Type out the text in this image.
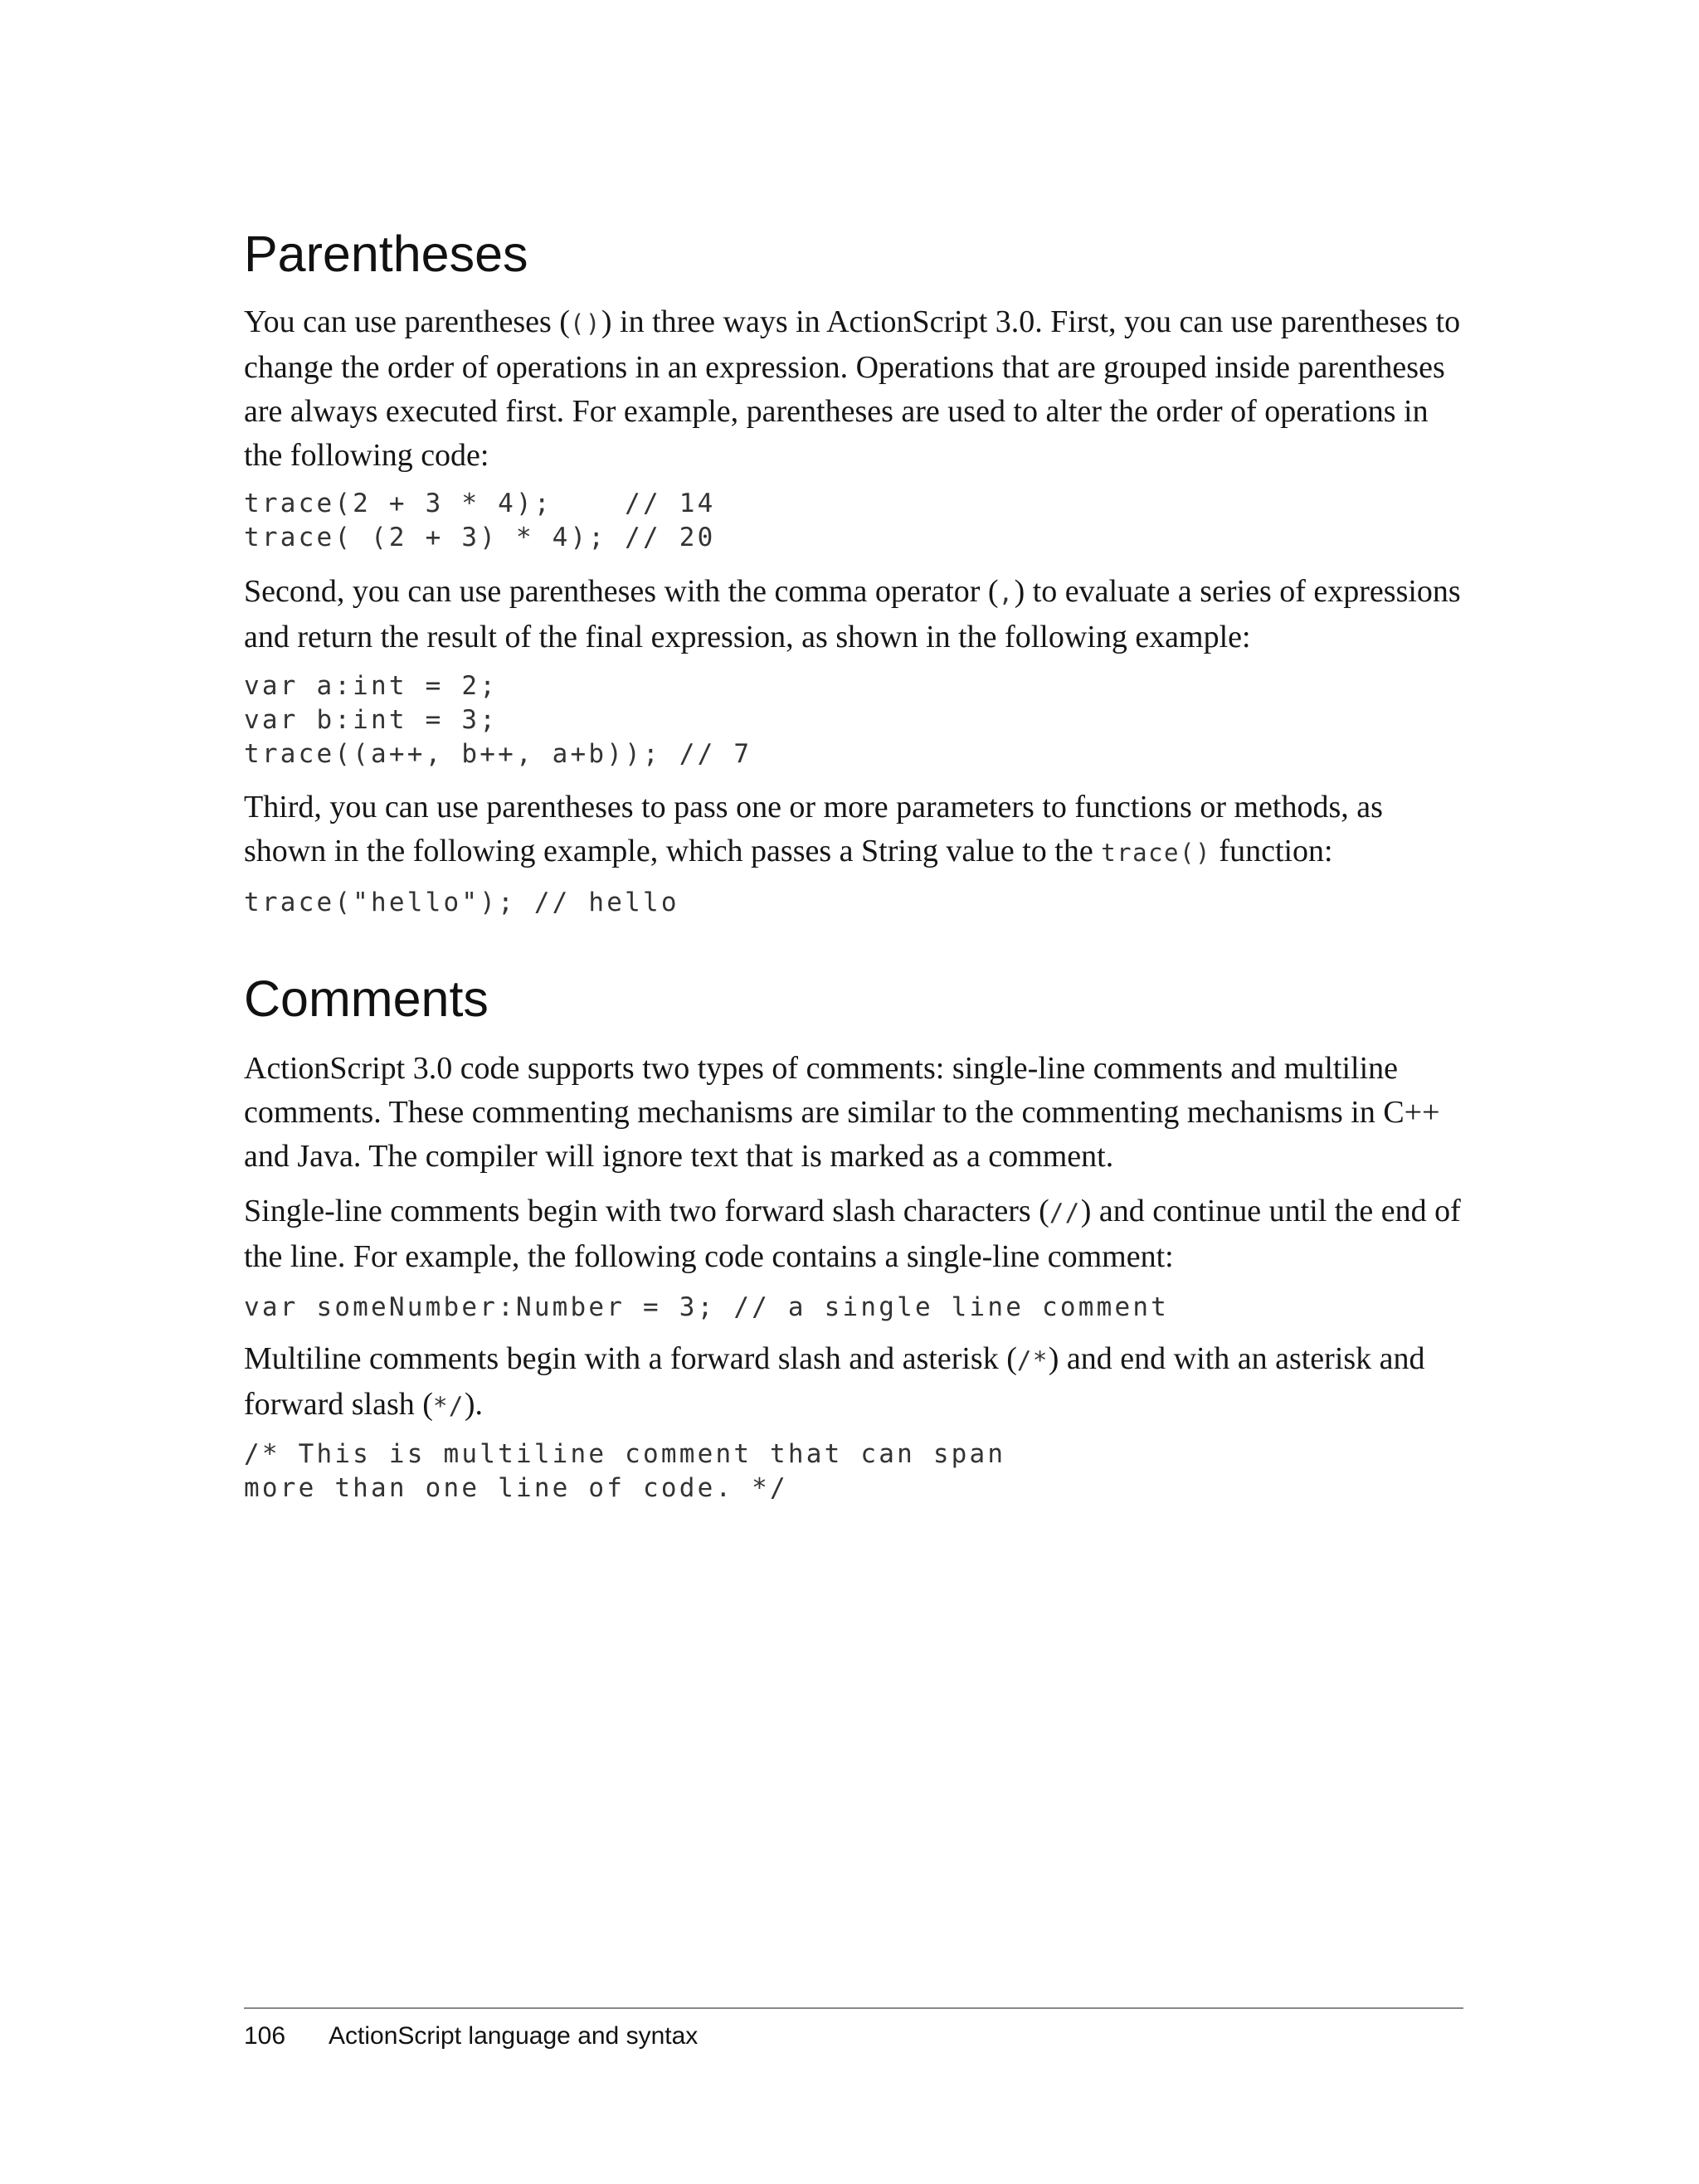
Parentheses

You can use parentheses (()) in three ways in ActionScript 3.0. First, you can use parentheses to change the order of operations in an expression. Operations that are grouped inside parentheses are always executed first. For example, parentheses are used to alter the order of operations in the following code:

trace(2 + 3 * 4);    // 14
trace( (2 + 3) * 4); // 20

Second, you can use parentheses with the comma operator (,) to evaluate a series of expressions and return the result of the final expression, as shown in the following example:

var a:int = 2;
var b:int = 3;
trace((a++, b++, a+b)); // 7

Third, you can use parentheses to pass one or more parameters to functions or methods, as shown in the following example, which passes a String value to the trace() function:

trace("hello"); // hello
Comments

ActionScript 3.0 code supports two types of comments: single-line comments and multiline comments. These commenting mechanisms are similar to the commenting mechanisms in C++ and Java. The compiler will ignore text that is marked as a comment.

Single-line comments begin with two forward slash characters (//) and continue until the end of the line. For example, the following code contains a single-line comment:

var someNumber:Number = 3; // a single line comment

Multiline comments begin with a forward slash and asterisk (/*) and end with an asterisk and forward slash (*/).

/* This is multiline comment that can span
more than one line of code. */
106 ActionScript language and syntax
